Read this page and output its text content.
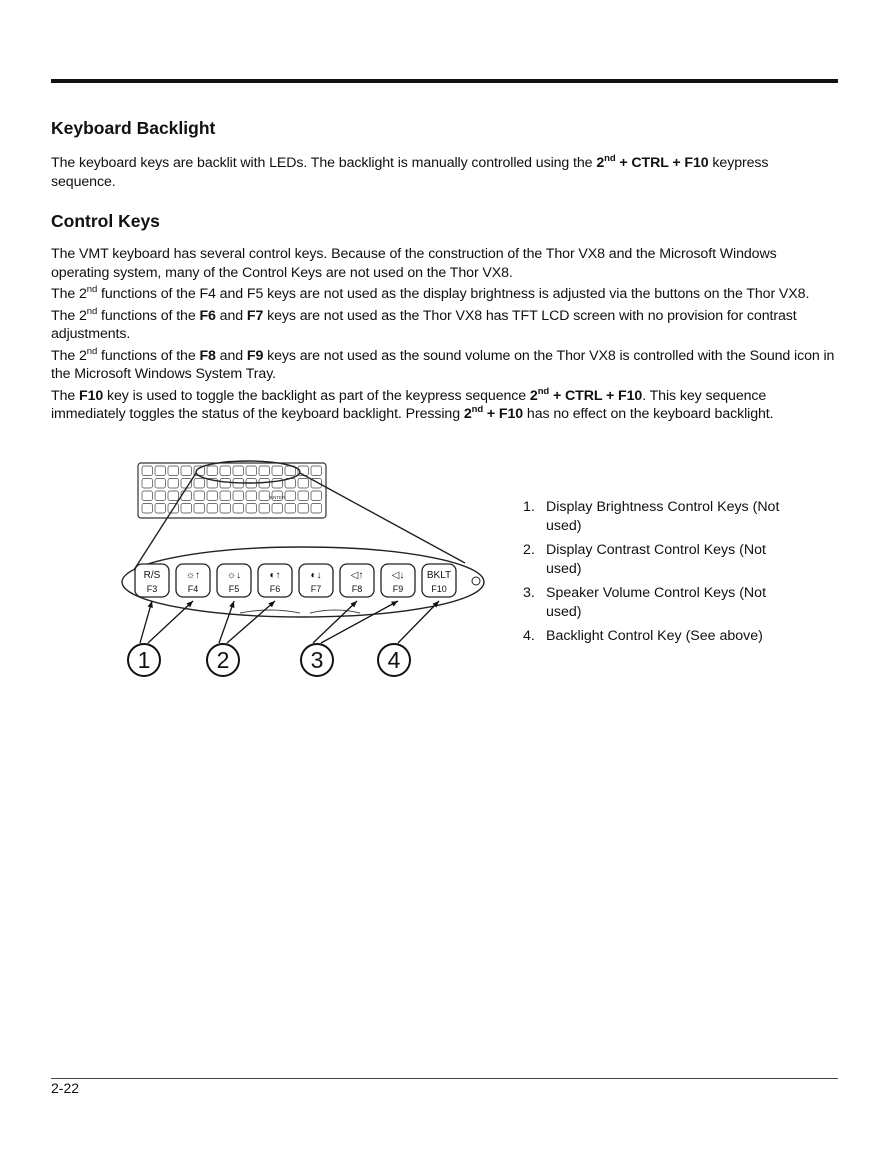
Keyboard Backlight

The keyboard keys are backlit with LEDs. The backlight is manually controlled using the 2nd + CTRL + F10 keypress sequence.

Control Keys

The VMT keyboard has several control keys. Because of the construction of the Thor VX8 and the Microsoft Windows operating system, many of the Control Keys are not used on the Thor VX8.

The 2nd functions of the F4 and F5 keys are not used as the display brightness is adjusted via the buttons on the Thor VX8.

The 2nd functions of the F6 and F7 keys are not used as the Thor VX8 has TFT LCD screen with no provision for contrast adjustments.

The 2nd functions of the F8 and F9 keys are not used as the sound volume on the Thor VX8 is controlled with the Sound icon in the Microsoft Windows System Tray.

The F10 key is used to toggle the backlight as part of the keypress sequence 2nd + CTRL + F10. This key sequence immediately toggles the status of the keyboard backlight. Pressing 2nd + F10 has no effect on the keyboard backlight.

ENTER
R/S
F3
☼↑
F4
☼↓
F5
◐↑
F6
◐↓
F7
◁↑
F8
◁↓
F9
BKLT
F10
1	2	3	4
1. Display Brightness Control Keys (Not used)
2. Display Contrast Control Keys (Not used)
3. Speaker Volume Control Keys (Not used)
4. Backlight Control Key (See above)
2-22
